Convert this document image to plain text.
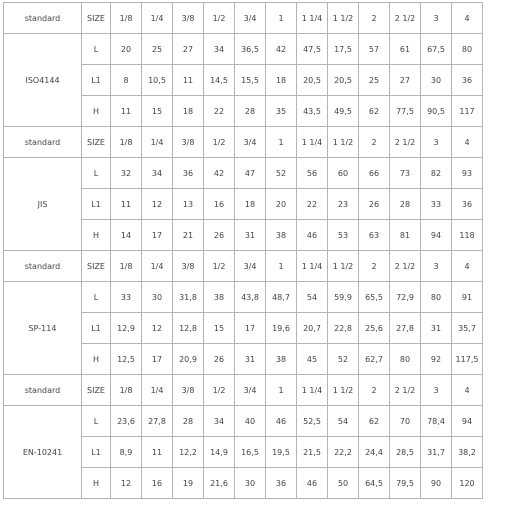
standard	SIZE	1/8	1/4	3/8	1/2	3/4	1	1 1/4	1 1/2	2	2 1/2	3	4
ISO4144	L	20	25	27	34	36,5	42	47,5	17,5	57	61	67,5	80
	L1	8	10,5	11	14,5	15,5	18	20,5	20,5	25	27	30	36
	H	11	15	18	22	28	35	43,5	49,5	62	77,5	90,5	117
standard	SIZE	1/8	1/4	3/8	1/2	3/4	1	1 1/4	1 1/2	2	2 1/2	3	4
JIS	L	32	34	36	42	47	52	56	60	66	73	82	93
	L1	11	12	13	16	18	20	22	23	26	28	33	36
	H	14	17	21	26	31	38	46	53	63	81	94	118
standard	SIZE	1/8	1/4	3/8	1/2	3/4	1	1 1/4	1 1/2	2	2 1/2	3	4
SP-114	L	33	30	31,8	38	43,8	48,7	54	59,9	65,5	72,9	80	91
	L1	12,9	12	12,8	15	17	19,6	20,7	22,8	25,6	27,8	31	35,7
	H	12,5	17	20,9	26	31	38	45	52	62,7	80	92	117,5
standard	SIZE	1/8	1/4	3/8	1/2	3/4	1	1 1/4	1 1/2	2	2 1/2	3	4
EN-10241	L	23,6	27,8	28	34	40	46	52,5	54	62	70	78,4	94
	L1	8,9	11	12,2	14,9	16,5	19,5	21,5	22,2	24,4	28,5	31,7	38,2
	H	12	16	19	21,6	30	36	46	50	64,5	79,5	90	120
